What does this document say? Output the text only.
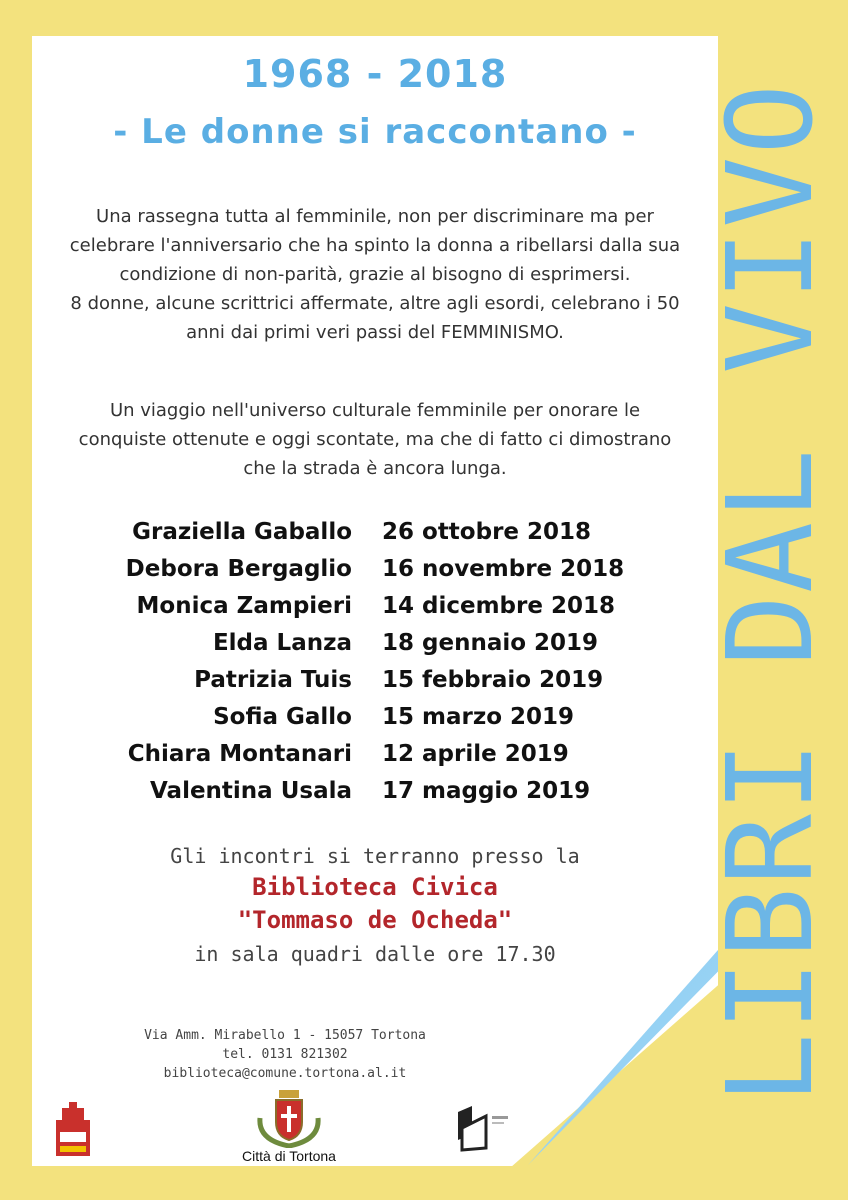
1968 - 2018
- Le donne si raccontano -
Una rassegna tutta al femminile, non per discriminare ma per
celebrare l'anniversario che ha spinto la donna a ribellarsi dalla sua
condizione di non-parità, grazie al bisogno di esprimersi.
8 donne, alcune scrittrici affermate, altre agli esordi, celebrano i 50
anni dai primi veri passi del FEMMINISMO.
Un viaggio nell'universo culturale femminile per onorare le
conquiste ottenute e oggi scontate, ma che di fatto ci dimostrano
che la strada è ancora lunga.
Graziella Gaballo 26 ottobre 2018
Debora Bergaglio 16 novembre 2018
Monica Zampieri 14 dicembre 2018
Elda Lanza 18 gennaio 2019
Patrizia Tuis 15 febbraio 2019
Sofia Gallo 15 marzo 2019
Chiara Montanari 12 aprile 2019
Valentina Usala 17 maggio 2019
Gli incontri si terranno presso la
Biblioteca Civica
"Tommaso de Ocheda"
in sala quadri dalle ore 17.30
Via Amm. Mirabello 1 - 15057 Tortona
tel. 0131 821302
biblioteca@comune.tortona.al.it
Città di Tortona
LIBRI DAL VIVO
